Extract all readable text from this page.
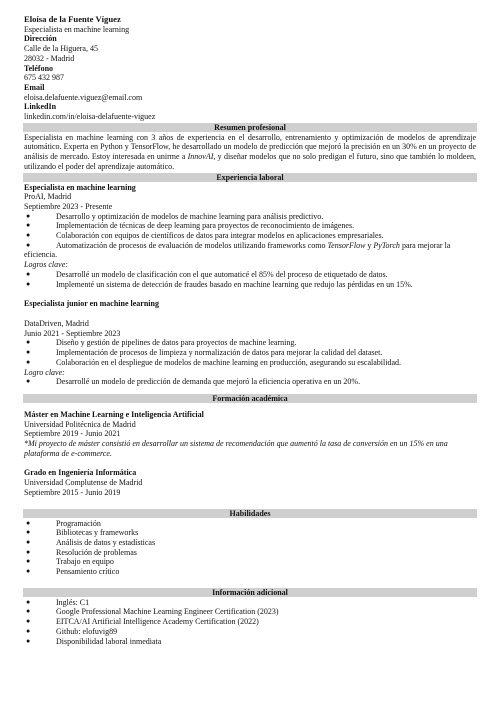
Eloísa de la Fuente Víguez
Especialista en machine learning
Dirección
Calle de la Higuera, 45
28032 - Madrid
Teléfono
675 432 987
Email
eloisa.delafuente.viguez@email.com
LinkedIn
linkedin.com/in/eloisa-delafuente-viguez
Resumen profesional
Especialista en machine learning con 3 años de experiencia en el desarrollo, entrenamiento y optimización de modelos de aprendizaje automático. Experta en Python y TensorFlow, he desarrollado un modelo de predicción que mejoró la precisión en un 30% en un proyecto de análisis de mercado. Estoy interesada en unirme a InnovAI, y diseñar modelos que no solo predigan el futuro, sino que también lo moldeen, utilizando el poder del aprendizaje automático.
Experiencia laboral
Especialista en machine learning
ProAI, Madrid
Septiembre 2023 - Presente
●	Desarrollo y optimización de modelos de machine learning para análisis predictivo.
●	Implementación de técnicas de deep learning para proyectos de reconocimiento de imágenes.
●	Colaboración con equipos de científicos de datos para integrar modelos en aplicaciones empresariales.
●	Automatización de procesos de evaluación de modelos utilizando frameworks como TensorFlow y PyTorch para mejorar la
eficiencia.
Logros clave:
●	Desarrollé un modelo de clasificación con el que automaticé el 85% del proceso de etiquetado de datos.
●	Implementé un sistema de detección de fraudes basado en machine learning que redujo las pérdidas en un 15%.
Especialista junior en machine learning
DataDriven, Madrid
Junio 2021 - Septiembre 2023
●	Diseño y gestión de pipelines de datos para proyectos de machine learning.
●	Implementación de procesos de limpieza y normalización de datos para mejorar la calidad del dataset.
●	Colaboración en el despliegue de modelos de machine learning en producción, asegurando su escalabilidad.
Logro clave:
●	Desarrollé un modelo de predicción de demanda que mejoró la eficiencia operativa en un 20%.
Formación académica
Máster en Machine Learning e Inteligencia Artificial
Universidad Politécnica de Madrid
Septiembre 2019 - Junio 2021
*Mi proyecto de máster consistió en desarrollar un sistema de recomendación que aumentó la tasa de conversión en un 15% en una
plataforma de e-commerce.
Grado en Ingeniería Informática
Universidad Complutense de Madrid
Septiembre 2015 - Junio 2019
Habilidades
●	Programación
●	Bibliotecas y frameworks
●	Análisis de datos y estadísticas
●	Resolución de problemas
●	Trabajo en equipo
●	Pensamiento crítico
Información adicional
●	Inglés: C1
●	Google Professional Machine Learning Engineer Certification (2023)
●	EITCA/AI Artificial Intelligence Academy Certification (2022)
●	Github: elofuvig89
●	Disponibilidad laboral inmediata
